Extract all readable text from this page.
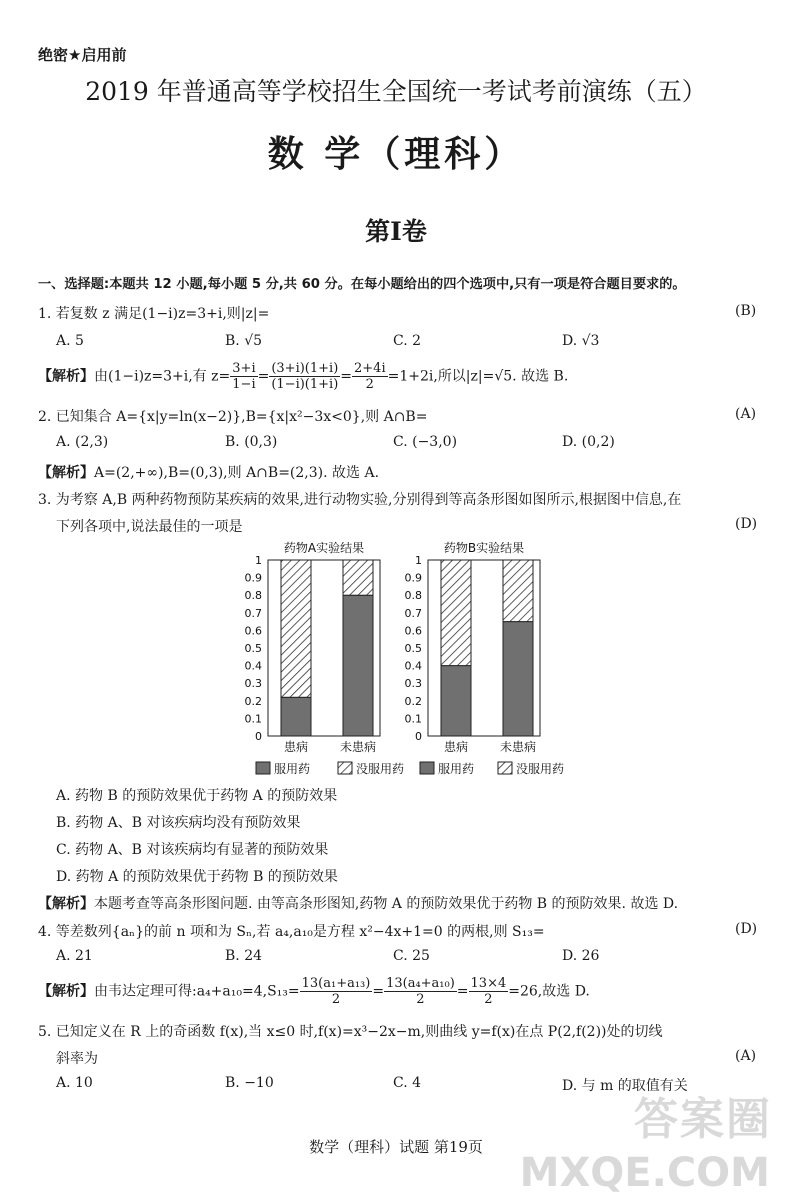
绝密★启用前
2019 年普通高等学校招生全国统一考试考前演练（五）
数 学（理科）
第Ⅰ卷
一、选择题:本题共 12 小题,每小题 5 分,共 60 分。在每小题给出的四个选项中,只有一项是符合题目要求的。
1. 若复数 z 满足(1−i)z=3+i,则|z|=	(B)
A. 5	B. √5	C. 2	D. √3
【解析】由(1−i)z=3+i,有 $z= \frac{3+i}{1-i} = \frac{(3+i)(1+i)}{(1-i)(1+i)} = \frac{2+4i}{2} =1+2i$,所以|z|=√5. 故选 B.
2. 已知集合 A={x|y=ln(x−2)},B={x|x²−3x<0},则 A∩B=	(A)
A. (2,3)	B. (0,3)	C. (−3,0)	D. (0,2)
【解析】A=(2,+∞),B=(0,3),则 A∩B=(2,3). 故选 A.
3. 为考察 A,B 两种药物预防某疾病的效果,进行动物实验,分别得到等高条形图如图所示,根据图中信息,在
下列各项中,说法最佳的一项是	(D)
药物A实验结果
0
0.1
0.2
0.3
0.4
0.5
0.6
0.7
0.8
0.9
1
患病	未患病
药物B实验结果
0
0.1
0.2
0.3
0.4
0.5
0.6
0.7
0.8
0.9
1
患病	未患病
服用药	没服用药	服用药	没服用药
A. 药物 B 的预防效果优于药物 A 的预防效果
B. 药物 A、B 对该疾病均没有预防效果
C. 药物 A、B 对该疾病均有显著的预防效果
D. 药物 A 的预防效果优于药物 B 的预防效果
【解析】本题考查等高条形图问题. 由等高条形图知,药物 A 的预防效果优于药物 B 的预防效果. 故选 D.
4. 等差数列{aₙ}的前 n 项和为 Sₙ,若 a₄,a₁₀是方程 x²−4x+1=0 的两根,则 S₁₃=	(D)
A. 21	B. 24	C. 25	D. 26
【解析】由韦达定理可得:a₄+a₁₀=4,S₁₃= $\frac{\text{13(a₁+a₁₃)}}{2} = \frac{\text{13(a₄+a₁₀)}}{2} = \frac{13\times 4}{2} =26$,故选 D.
5. 已知定义在 R 上的奇函数 f(x),当 x≤0 时,f(x)=x³−2x−m,则曲线 y=f(x)在点 P(2,f(2))处的切线
斜率为	(A)
A. 10	B. −10	C. 4	D. 与 m 的取值有关
答案圈
MXQE.COM
数学（理科）试题 第19页
